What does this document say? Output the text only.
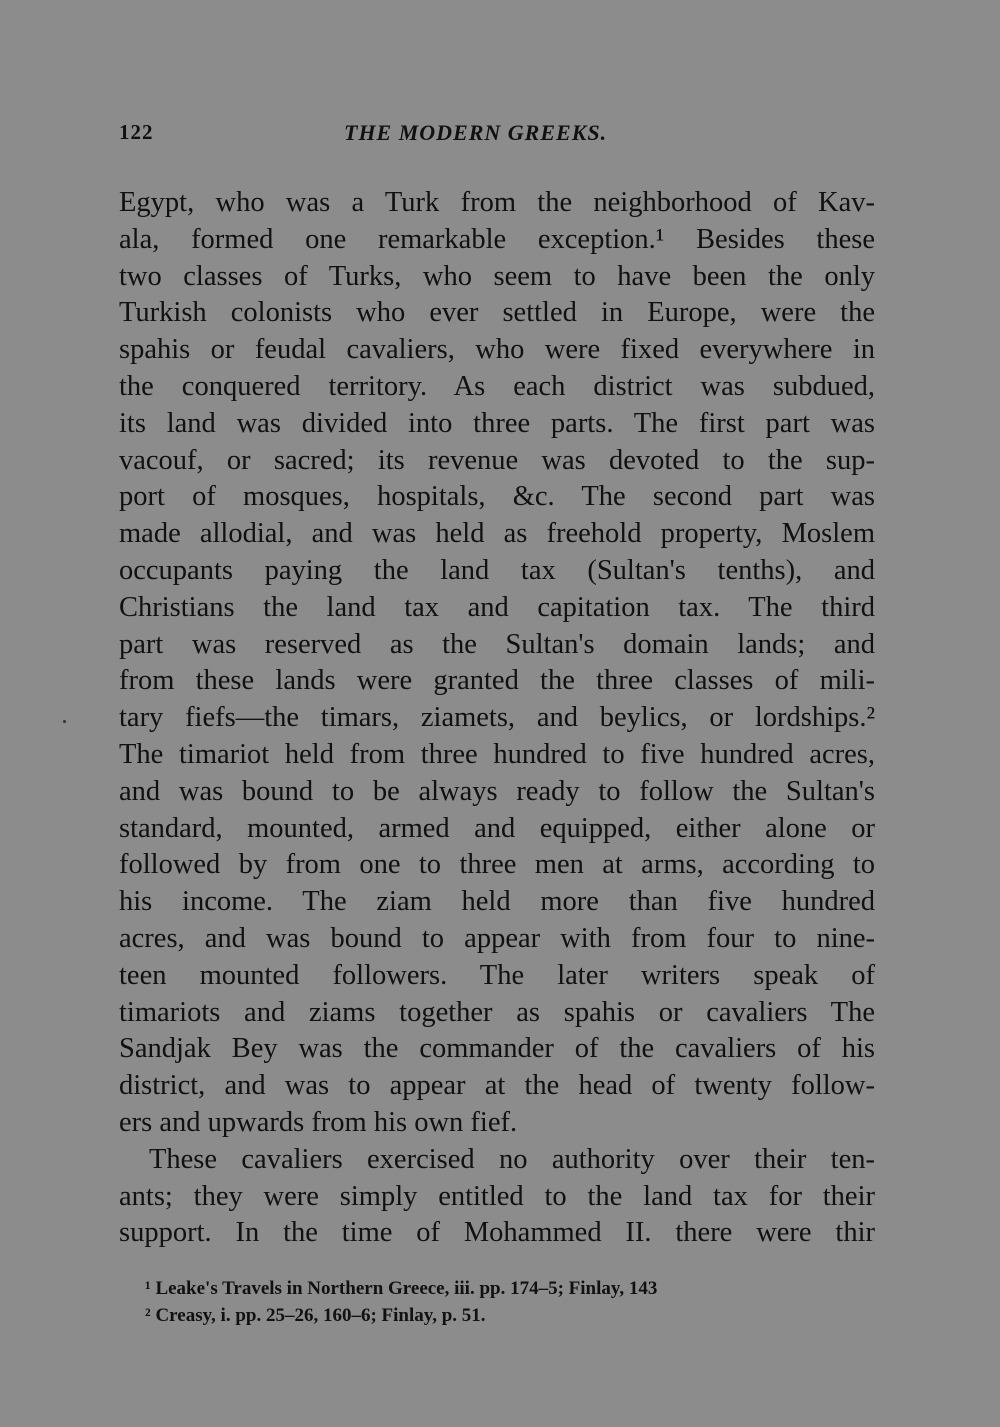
122	THE MODERN GREEKS.
Egypt, who was a Turk from the neighborhood of Kav-
ala, formed one remarkable exception.¹ Besides these
two classes of Turks, who seem to have been the only
Turkish colonists who ever settled in Europe, were the
spahis or feudal cavaliers, who were fixed everywhere in
the conquered territory. As each district was subdued,
its land was divided into three parts. The first part was
vacouf, or sacred; its revenue was devoted to the sup-
port of mosques, hospitals, &c. The second part was
made allodial, and was held as freehold property, Moslem
occupants paying the land tax (Sultan's tenths), and
Christians the land tax and capitation tax. The third
part was reserved as the Sultan's domain lands; and
from these lands were granted the three classes of mili-
tary fiefs—the timars, ziamets, and beylics, or lordships.²
The timariot held from three hundred to five hundred acres,
and was bound to be always ready to follow the Sultan's
standard, mounted, armed and equipped, either alone or
followed by from one to three men at arms, according to
his income. The ziam held more than five hundred
acres, and was bound to appear with from four to nine-
teen mounted followers. The later writers speak of
timariots and ziams together as spahis or cavaliers The
Sandjak Bey was the commander of the cavaliers of his
district, and was to appear at the head of twenty follow-
ers and upwards from his own fief.
These cavaliers exercised no authority over their ten-
ants; they were simply entitled to the land tax for their
support. In the time of Mohammed II. there were thir
¹ Leake's Travels in Northern Greece, iii. pp. 174–5; Finlay, 143
² Creasy, i. pp. 25–26, 160–6; Finlay, p. 51.
